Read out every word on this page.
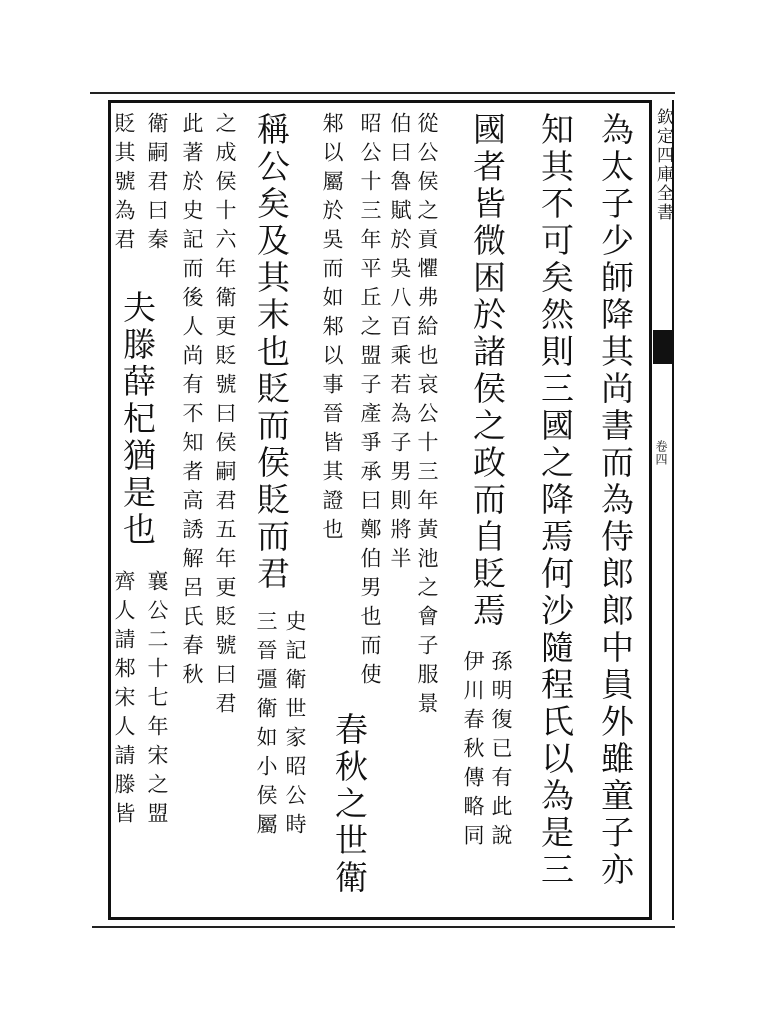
欽定四庫全書
卷四
為太子少師降其尚書而為侍郎郎中員外雖童子亦
知其不可矣然則三國之降焉何沙隨程氏以為是三
國者皆微困於諸侯之政而自貶焉
孫明復已有此說
伊川春秋傳略同
從公侯之貢懼弗給也哀公十三年黃池之會子服景
伯曰魯賦於吳八百乘若為子男則將半
春秋之世衛
昭公十三年平丘之盟子產爭承曰鄭伯男也而使
邾以屬於吳而如邾以事晉皆其證也
稱公矣及其末也貶而侯貶而君
史記衛世家昭公時
三晉彊衛如小侯屬
之成侯十六年衛更貶號曰侯嗣君五年更貶號曰君
此著於史記而後人尚有不知者高誘解呂氏春秋
衛嗣君曰秦
夫滕薛杞猶是也
襄公二十七年宋之盟
貶其號為君
齊人請邾宋人請滕皆
